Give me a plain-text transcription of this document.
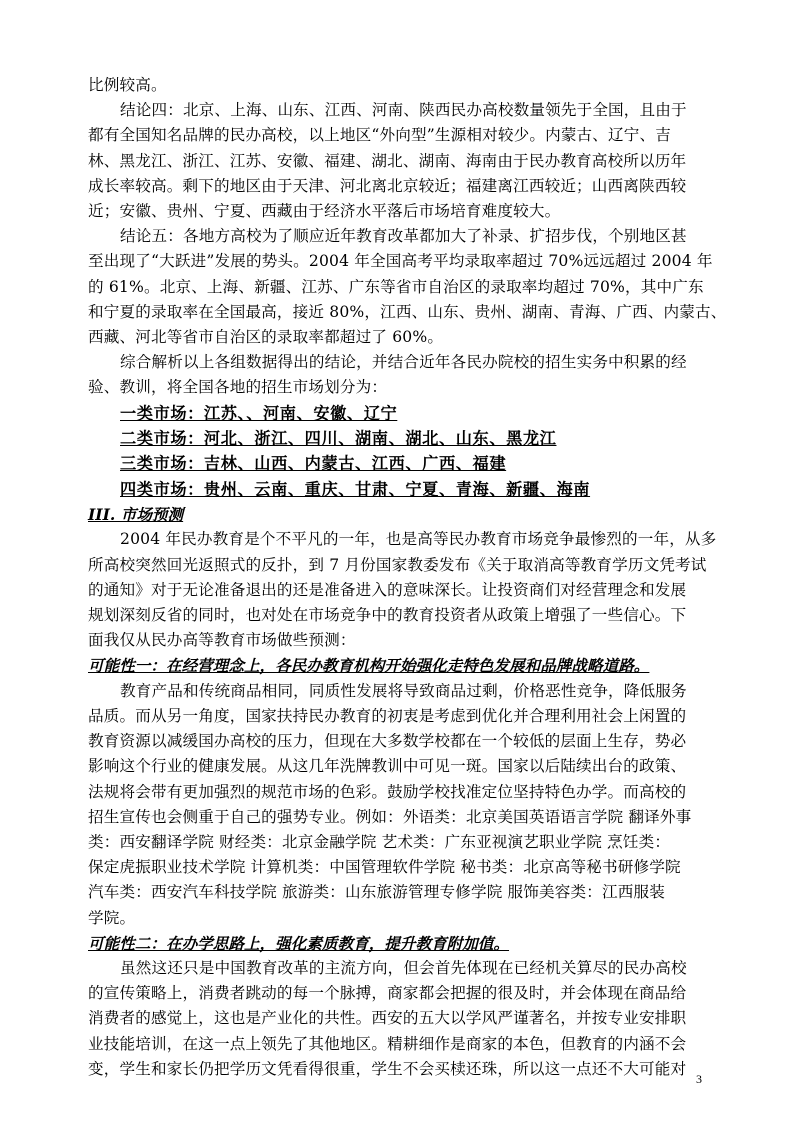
比例较高。
结论四：北京、上海、山东、江西、河南、陕西民办高校数量领先于全国，且由于
都有全国知名品牌的民办高校，以上地区“外向型”生源相对较少。内蒙古、辽宁、吉
林、黑龙江、浙江、江苏、安徽、福建、湖北、湖南、海南由于民办教育高校所以历年
成长率较高。剩下的地区由于天津、河北离北京较近；福建离江西较近；山西离陕西较
近；安徽、贵州、宁夏、西藏由于经济水平落后市场培育难度较大。
结论五：各地方高校为了顺应近年教育改革都加大了补录、扩招步伐，个别地区甚
至出现了“大跃进”发展的势头。2004 年全国高考平均录取率超过 70%远远超过 2004 年
的 61%。北京、上海、新疆、江苏、广东等省市自治区的录取率均超过 70%，其中广东
和宁夏的录取率在全国最高，接近 80%，江西、山东、贵州、湖南、青海、广西、内蒙古、
西藏、河北等省市自治区的录取率都超过了 60%。
综合解析以上各组数据得出的结论，并结合近年各民办院校的招生实务中积累的经
验、教训，将全国各地的招生市场划分为：
一类市场：江苏、、河南、安徽、辽宁
二类市场：河北、浙江、四川、湖南、湖北、山东、黑龙江
三类市场：吉林、山西、内蒙古、江西、广西、福建
四类市场：贵州、云南、重庆、甘肃、宁夏、青海、新疆、海南
III. 市场预测
2004 年民办教育是个不平凡的一年，也是高等民办教育市场竞争最惨烈的一年，从多
所高校突然回光返照式的反扑，到 7 月份国家教委发布《关于取消高等教育学历文凭考试
的通知》对于无论准备退出的还是准备进入的意味深长。让投资商们对经营理念和发展
规划深刻反省的同时，也对处在市场竞争中的教育投资者从政策上增强了一些信心。下
面我仅从民办高等教育市场做些预测：
可能性一：在经营理念上，各民办教育机构开始强化走特色发展和品牌战略道路。
教育产品和传统商品相同，同质性发展将导致商品过剩，价格恶性竞争，降低服务
品质。而从另一角度，国家扶持民办教育的初衷是考虑到优化并合理利用社会上闲置的
教育资源以减缓国办高校的压力，但现在大多数学校都在一个较低的层面上生存，势必
影响这个行业的健康发展。从这几年洗牌教训中可见一斑。国家以后陆续出台的政策、
法规将会带有更加强烈的规范市场的色彩。鼓励学校找准定位坚持特色办学。而高校的
招生宣传也会侧重于自己的强势专业。例如：外语类：北京美国英语语言学院 翻译外事
类：西安翻译学院 财经类：北京金融学院 艺术类：广东亚视演艺职业学院 烹饪类：
保定虎振职业技术学院 计算机类：中国管理软件学院 秘书类：北京高等秘书研修学院
汽车类：西安汽车科技学院 旅游类：山东旅游管理专修学院 服饰美容类：江西服装
学院。
可能性二：在办学思路上，强化素质教育，提升教育附加值。
虽然这还只是中国教育改革的主流方向，但会首先体现在已经机关算尽的民办高校
的宣传策略上，消费者跳动的每一个脉搏，商家都会把握的很及时，并会体现在商品给
消费者的感觉上，这也是产业化的共性。西安的五大以学风严谨著名，并按专业安排职
业技能培训，在这一点上领先了其他地区。精耕细作是商家的本色，但教育的内涵不会
变，学生和家长仍把学历文凭看得很重，学生不会买椟还珠，所以这一点还不大可能对
3
